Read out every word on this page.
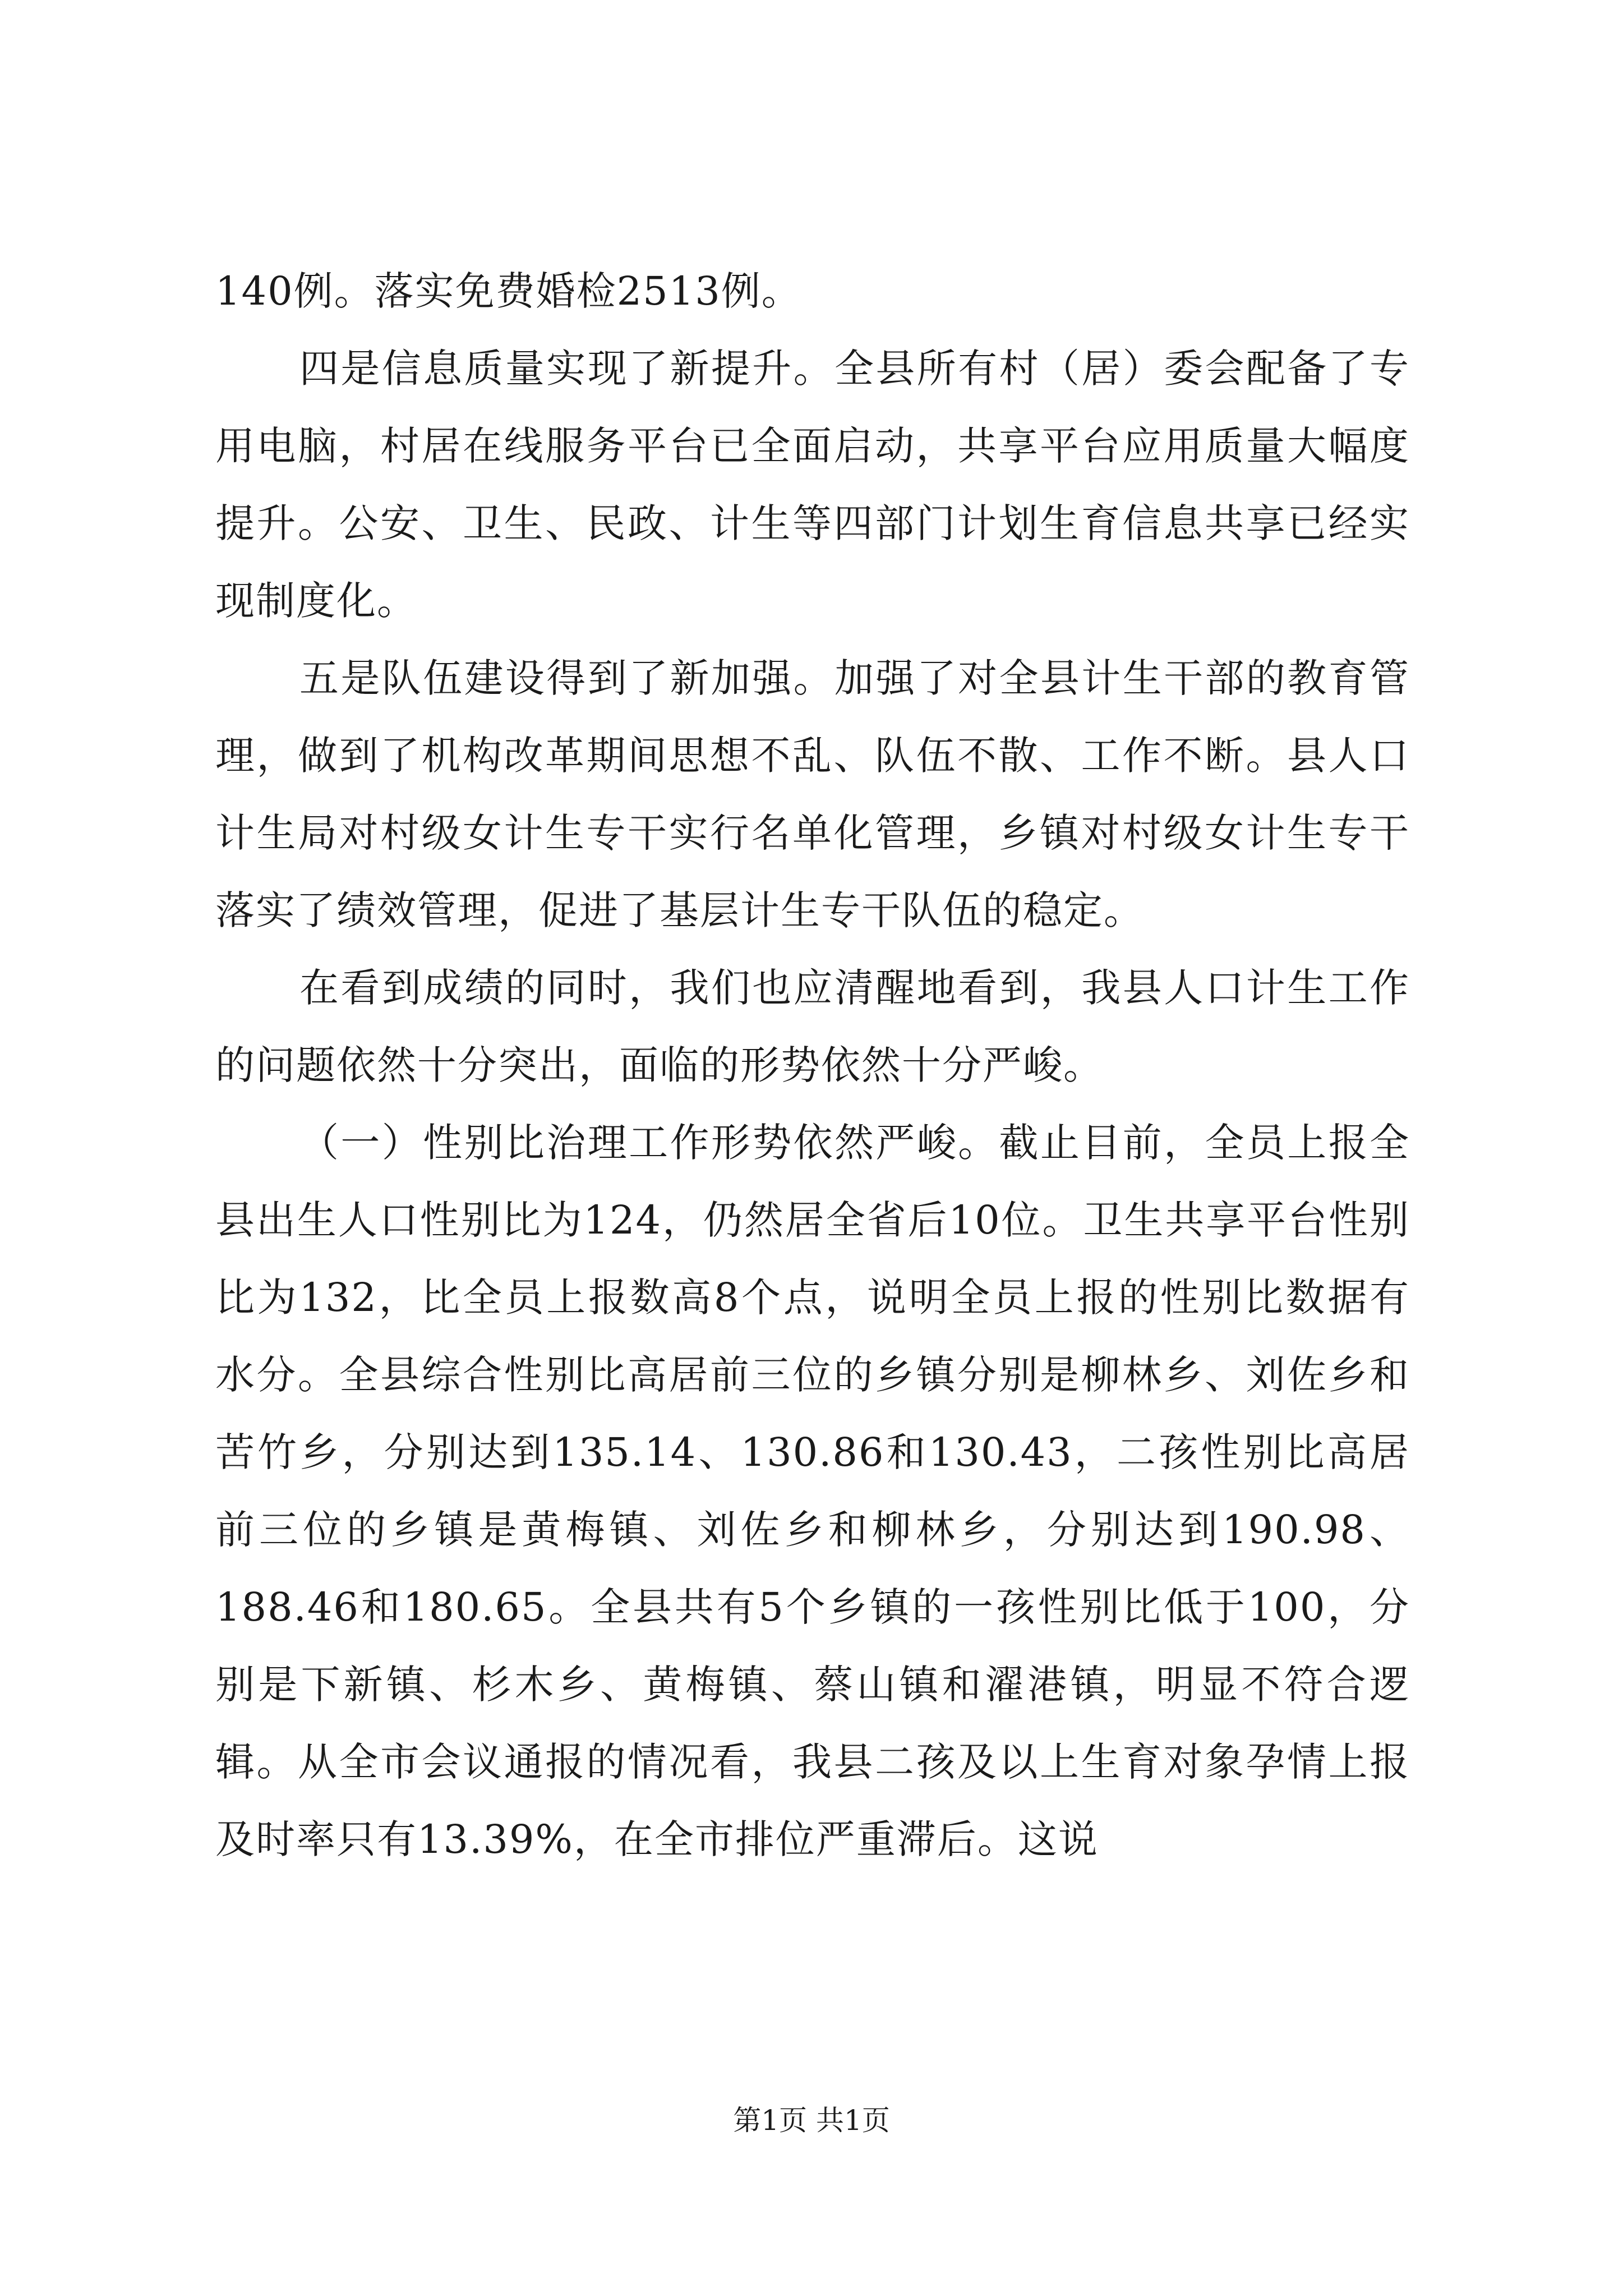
140例。落实免费婚检2513例。

四是信息质量实现了新提升。全县所有村（居）委会配备了专用电脑，村居在线服务平台已全面启动，共享平台应用质量大幅度提升。公安、卫生、民政、计生等四部门计划生育信息共享已经实现制度化。

五是队伍建设得到了新加强。加强了对全县计生干部的教育管理，做到了机构改革期间思想不乱、队伍不散、工作不断。县人口计生局对村级女计生专干实行名单化管理，乡镇对村级女计生专干落实了绩效管理，促进了基层计生专干队伍的稳定。

在看到成绩的同时，我们也应清醒地看到，我县人口计生工作的问题依然十分突出，面临的形势依然十分严峻。

（一）性别比治理工作形势依然严峻。截止目前，全员上报全县出生人口性别比为124，仍然居全省后10位。卫生共享平台性别比为132，比全员上报数高8个点，说明全员上报的性别比数据有水分。全县综合性别比高居前三位的乡镇分别是柳林乡、刘佐乡和苦竹乡，分别达到135.14、130.86和130.43，二孩性别比高居前三位的乡镇是黄梅镇、刘佐乡和柳林乡，分别达到190.98、188.46和180.65。全县共有5个乡镇的一孩性别比低于100，分别是下新镇、杉木乡、黄梅镇、蔡山镇和濯港镇，明显不符合逻辑。从全市会议通报的情况看，我县二孩及以上生育对象孕情上报及时率只有13.39%，在全市排位严重滞后。这说

第1页 共1页
